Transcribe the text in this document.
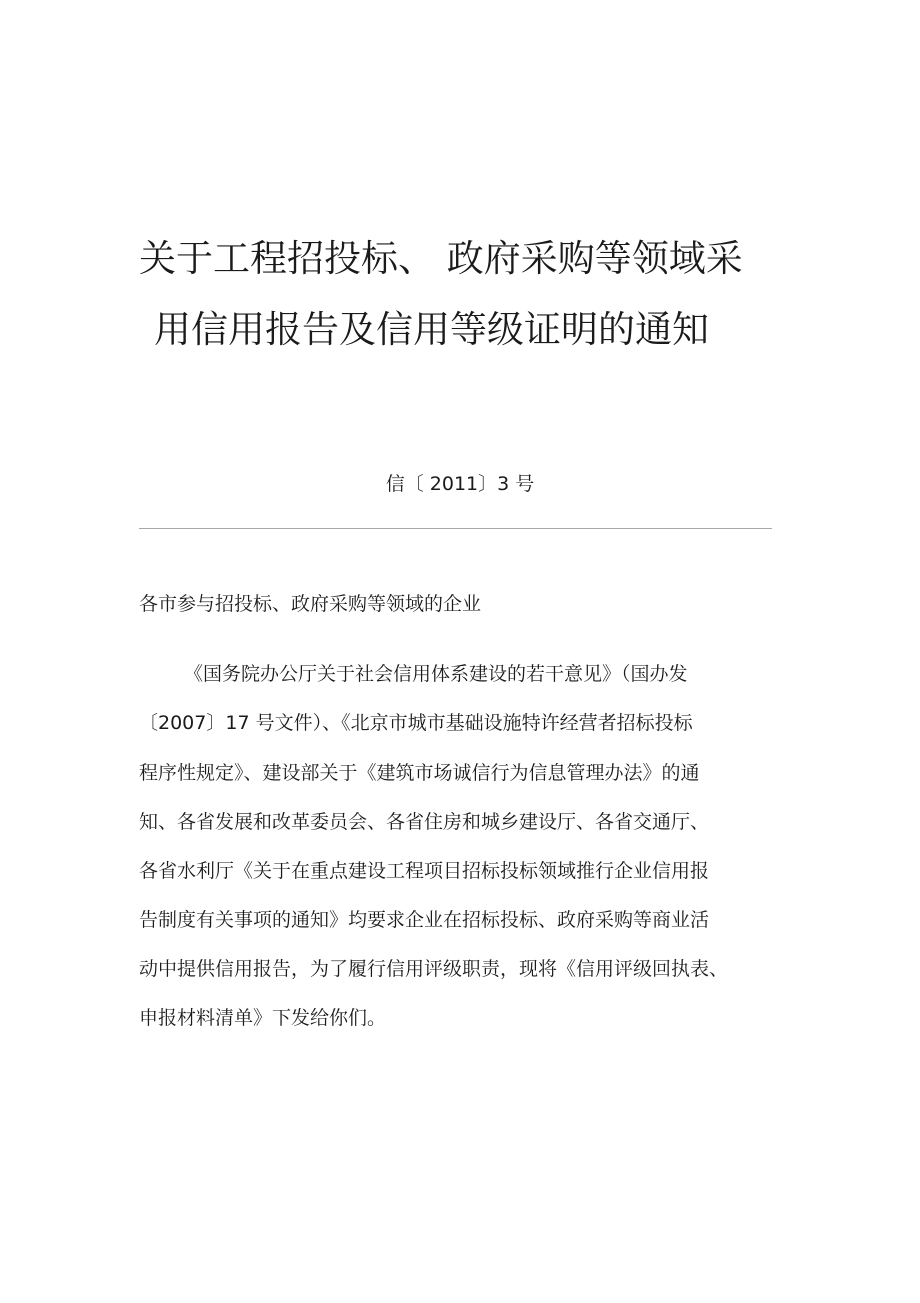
关于工程招投标、 政府采购等领域采
用信用报告及信用等级证明的通知
信〔 2011〕3 号
各市参与招投标、政府采购等领域的企业
《国务院办公厅关于社会信用体系建设的若干意见》（国办发
〔2007〕17 号文件）、《北京市城市基础设施特许经营者招标投标
程序性规定》、建设部关于《建筑市场诚信行为信息管理办法》的通
知、各省发展和改革委员会、各省住房和城乡建设厅、各省交通厅、
各省水利厅《关于在重点建设工程项目招标投标领域推行企业信用报
告制度有关事项的通知》均要求企业在招标投标、政府采购等商业活
动中提供信用报告，为了履行信用评级职责，现将《信用评级回执表、
申报材料清单》下发给你们。
